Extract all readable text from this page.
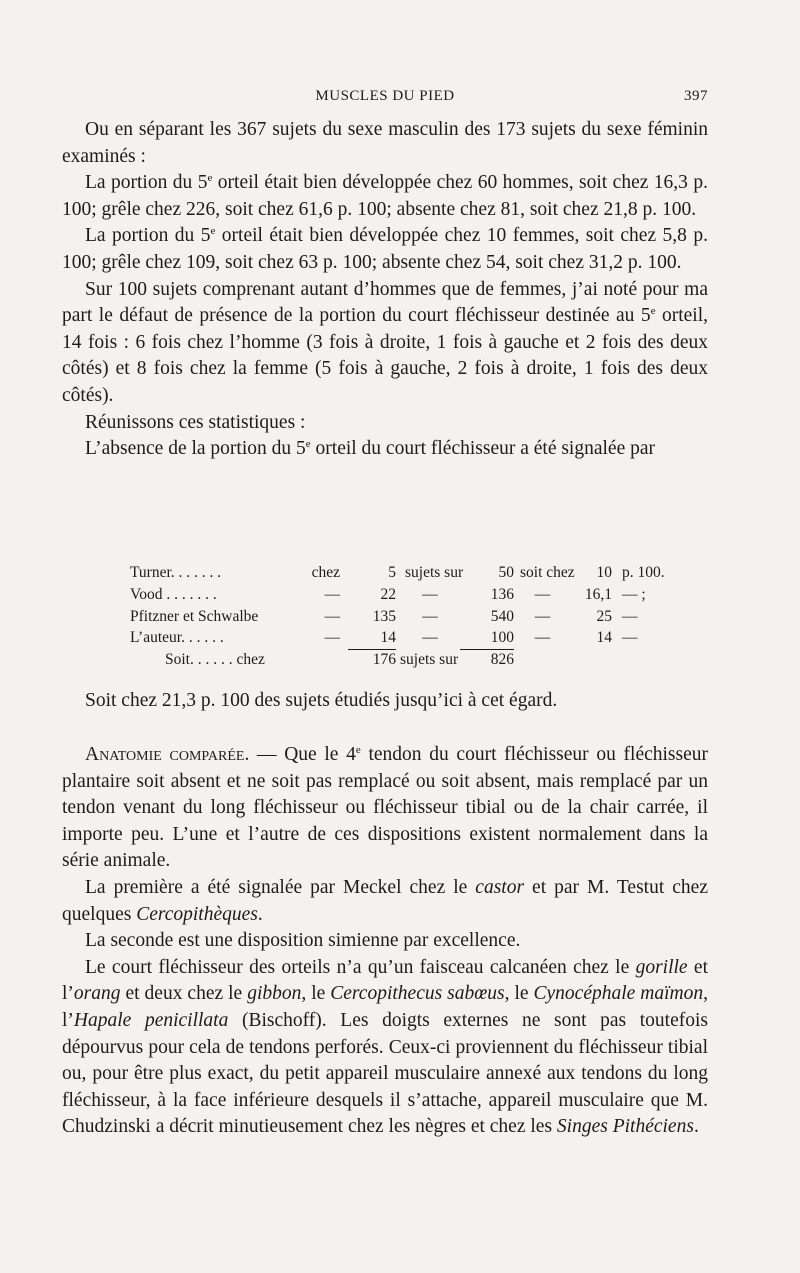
MUSCLES DU PIED	397

Ou en séparant les 367 sujets du sexe masculin des 173 sujets du sexe féminin examinés :

La portion du 5e orteil était bien développée chez 60 hommes, soit chez 16,3 p. 100; grêle chez 226, soit chez 61,6 p. 100; absente chez 81, soit chez 21,8 p. 100.

La portion du 5e orteil était bien développée chez 10 femmes, soit chez 5,8 p. 100; grêle chez 109, soit chez 63 p. 100; absente chez 54, soit chez 31,2 p. 100.

Sur 100 sujets comprenant autant d’hommes que de femmes, j’ai noté pour ma part le défaut de présence de la portion du court fléchisseur destinée au 5e orteil, 14 fois : 6 fois chez l’homme (3 fois à droite, 1 fois à gauche et 2 fois des deux côtés) et 8 fois chez la femme (5 fois à gauche, 2 fois à droite, 1 fois des deux côtés).

Réunissons ces statistiques :

L’absence de la portion du 5e orteil du court fléchisseur a été signalée par

Turner. . . . . . .	chez	5 sujets sur	50 soit chez	10 p. 100.
Vood . . . . . . .	—	22	—	136	—	16,1 — ;
Pfitzner et Schwalbe	—	135	—	540	—	25 —
L’auteur. . . . . .	—	14	—	100	—	14 —
Soit. . . . . . chez	176 sujets sur	826

Soit chez 21,3 p. 100 des sujets étudiés jusqu’ici à cet égard.

Anatomie comparée. — Que le 4e tendon du court fléchisseur ou fléchisseur plantaire soit absent et ne soit pas remplacé ou soit absent, mais remplacé par un tendon venant du long fléchisseur ou fléchisseur tibial ou de la chair carrée, il importe peu. L’une et l’autre de ces dispositions existent normalement dans la série animale.

La première a été signalée par Meckel chez le castor et par M. Testut chez quelques Cercopithèques.

La seconde est une disposition simienne par excellence.

Le court fléchisseur des orteils n’a qu’un faisceau calcanéen chez le gorille et l’orang et deux chez le gibbon, le Cercopithecus sabœus, le Cynocéphale maïmon, l’Hapale penicillata (Bischoff). Les doigts externes ne sont pas toutefois dépourvus pour cela de tendons perforés. Ceux-ci proviennent du fléchisseur tibial ou, pour être plus exact, du petit appareil musculaire annexé aux tendons du long fléchisseur, à la face inférieure desquels il s’attache, appareil musculaire que M. Chudzinski a décrit minutieusement chez les nègres et chez les Singes Pithéciens.
